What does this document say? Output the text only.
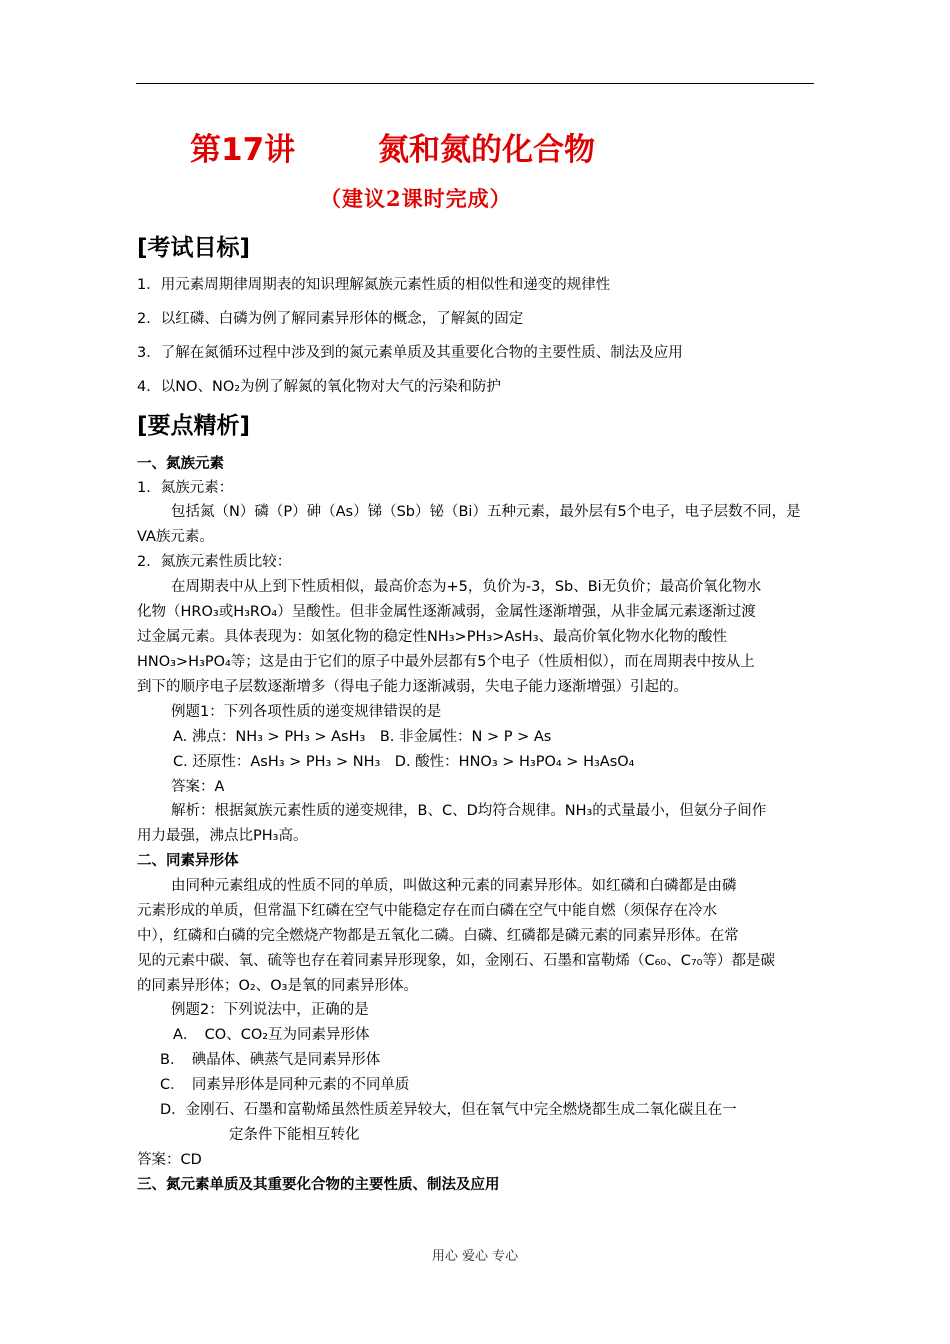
第17讲	氮和氮的化合物
（建议2课时完成）
[考试目标]
1．用元素周期律周期表的知识理解氮族元素性质的相似性和递变的规律性
2．以红磷、白磷为例了解同素异形体的概念，了解氮的固定
3．了解在氮循环过程中涉及到的氮元素单质及其重要化合物的主要性质、制法及应用
4．以NO、NO₂为例了解氮的氧化物对大气的污染和防护
[要点精析]
一、氮族元素
1．氮族元素：
包括氮（N）磷（P）砷（As）锑（Sb）铋（Bi）五种元素，最外层有5个电子，电子层数不同，是
VA族元素。
2．氮族元素性质比较：
在周期表中从上到下性质相似，最高价态为+5，负价为-3，Sb、Bi无负价；最高价氧化物水
化物（HRO₃或H₃RO₄）呈酸性。但非金属性逐渐减弱，金属性逐渐增强，从非金属元素逐渐过渡
过金属元素。具体表现为：如氢化物的稳定性NH₃>PH₃>AsH₃、最高价氧化物水化物的酸性
HNO₃>H₃PO₄等；这是由于它们的原子中最外层都有5个电子（性质相似），而在周期表中按从上
到下的顺序电子层数逐渐增多（得电子能力逐渐减弱，失电子能力逐渐增强）引起的。
例题1：下列各项性质的递变规律错误的是
A. 沸点：NH₃ > PH₃ > AsH₃　B. 非金属性：N > P > As
C. 还原性：AsH₃ > PH₃ > NH₃　D. 酸性：HNO₃ > H₃PO₄ > H₃AsO₄
答案：A
解析：根据氮族元素性质的递变规律，B、C、D均符合规律。NH₃的式量最小，但氨分子间作
用力最强，沸点比PH₃高。
二、同素异形体
由同种元素组成的性质不同的单质，叫做这种元素的同素异形体。如红磷和白磷都是由磷
元素形成的单质，但常温下红磷在空气中能稳定存在而白磷在空气中能自燃（须保存在冷水
中），红磷和白磷的完全燃烧产物都是五氧化二磷。白磷、红磷都是磷元素的同素异形体。在常
见的元素中碳、氧、硫等也存在着同素异形现象，如，金刚石、石墨和富勒烯（C₆₀、C₇₀等）都是碳
的同素异形体；O₂、O₃是氧的同素异形体。
例题2：下列说法中，正确的是
A．　CO、CO₂互为同素异形体
B．　碘晶体、碘蒸气是同素异形体
C．　同素异形体是同种元素的不同单质
D．金刚石、石墨和富勒烯虽然性质差异较大，但在氧气中完全燃烧都生成二氧化碳且在一
定条件下能相互转化
答案：CD
三、氮元素单质及其重要化合物的主要性质、制法及应用
用心 爱心 专心
